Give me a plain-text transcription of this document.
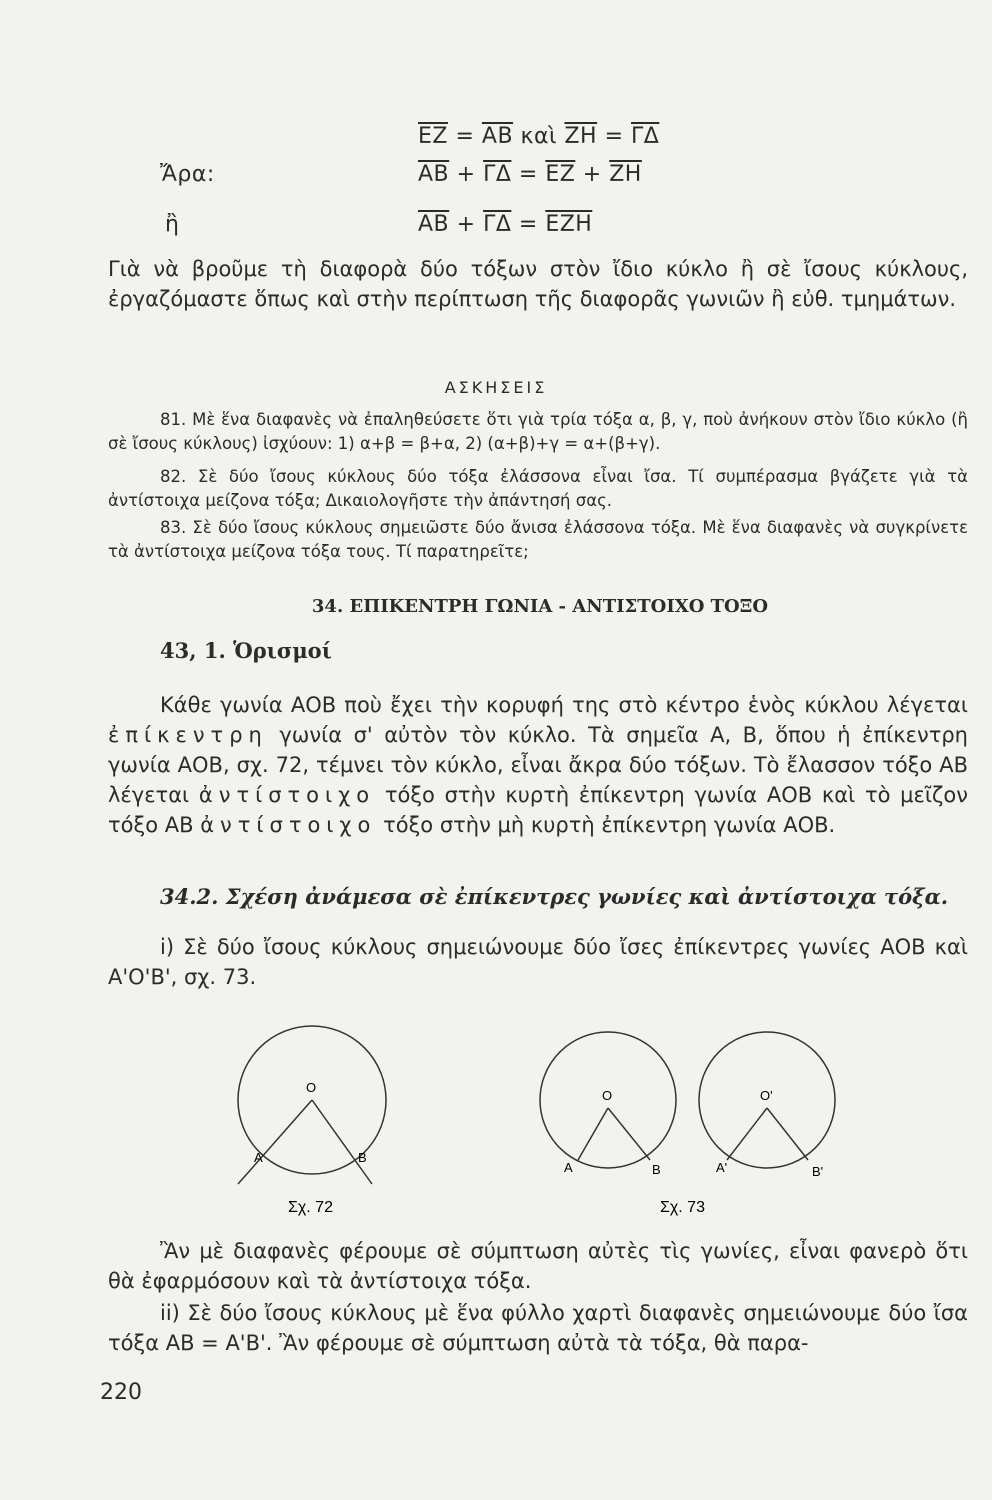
$\overline{EZ} = \overline{AB}$ καὶ $\overline{ZH} = \overline{\Gamma\Delta}$
Ἄρα:	$\overline{AB} + \overline{\Gamma\Delta} = \overline{EZ} + \overline{ZH}$
ἢ	$\overline{AB} + \overline{\Gamma\Delta} = \overline{EZH}$
Γιὰ νὰ βροῦμε τὴ διαφορὰ δύο τόξων στὸν ἴδιο κύκλο ἢ σὲ ἴσους κύκλους, ἐργαζόμαστε ὅπως καὶ στὴν περίπτωση τῆς διαφορᾶς γωνιῶν ἢ εὐθ. τμημάτων.
ΑΣΚΗΣΕΙΣ
81. Μὲ ἕνα διαφανὲς νὰ ἐπαληθεύσετε ὅτι γιὰ τρία τόξα α, β, γ, ποὺ ἀνήκουν στὸν ἴδιο κύκλο (ἢ σὲ ἴσους κύκλους) ἰσχύουν: 1) α+β = β+α, 2) (α+β)+γ = α+(β+γ).
82. Σὲ δύο ἴσους κύκλους δύο τόξα ἐλάσσονα εἶναι ἴσα. Τί συμπέρασμα βγάζετε γιὰ τὰ ἀντίστοιχα μείζονα τόξα; Δικαιολογῆστε τὴν ἀπάντησή σας.
83. Σὲ δύο ἴσους κύκλους σημειῶστε δύο ἄνισα ἐλάσσονα τόξα. Μὲ ἕνα διαφανὲς νὰ συγκρίνετε τὰ ἀντίστοιχα μείζονα τόξα τους. Τί παρατηρεῖτε;
34. ΕΠΙΚΕΝΤΡΗ ΓΩΝΙΑ - ΑΝΤΙΣΤΟΙΧΟ ΤΟΞΟ
43, 1. Ὁρισμοί
Κάθε γωνία ΑΟΒ ποὺ ἔχει τὴν κορυφή της στὸ κέντρο ἑνὸς κύκλου λέγεται ἐπίκεντρη γωνία σ' αὐτὸν τὸν κύκλο. Τὰ σημεῖα Α, Β, ὅπου ἡ ἐπίκεντρη γωνία ΑΟΒ, σχ. 72, τέμνει τὸν κύκλο, εἶναι ἄκρα δύο τόξων. Τὸ ἔλασσον τόξο ΑΒ λέγεται ἀντίστοιχο τόξο στὴν κυρτὴ ἐπίκεντρη γωνία ΑΟΒ καὶ τὸ μεῖζον τόξο ΑΒ ἀντίστοιχο τόξο στὴν μὴ κυρτὴ ἐπίκεντρη γωνία ΑΟΒ.
34.2. Σχέση ἀνάμεσα σὲ ἐπίκεντρες γωνίες καὶ ἀντίστοιχα τόξα.
i) Σὲ δύο ἴσους κύκλους σημειώνουμε δύο ἴσες ἐπίκεντρες γωνίες ΑΟΒ καὶ Α'Ο'Β', σχ. 73.
O
A	B
Σχ. 72
O
A	B
O'
A'	B'
Σχ. 73
Ἂν μὲ διαφανὲς φέρουμε σὲ σύμπτωση αὐτὲς τὶς γωνίες, εἶναι φανερὸ ὅτι θὰ ἐφαρμόσουν καὶ τὰ ἀντίστοιχα τόξα.
ii) Σὲ δύο ἴσους κύκλους μὲ ἕνα φύλλο χαρτὶ διαφανὲς σημειώνουμε δύο ἴσα τόξα ΑΒ = Α'Β'. Ἂν φέρουμε σὲ σύμπτωση αὐτὰ τὰ τόξα, θὰ παρα-
220
